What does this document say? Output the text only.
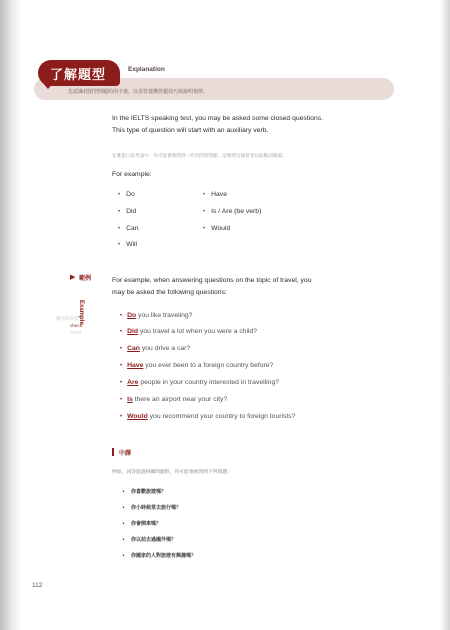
先認識封閉型問題的用字後，以表答建構答題技巧與說明規律。
了解題型	Explanation
In the IELTS speaking test, you may be asked some closed questions.
This type of question will start with an auxiliary verb.
在雅思口說考試中，你可能會被問到一些封閉型問題，這類問句通常會以助動詞開頭。
For example:
• Do
• Did
• Can
• Will
• Have
• Is / Are (be verb)
• Would
▶ 範例
Example
練習與核對
check:
□□□
For example, when answering questions on the topic of travel, you
may be asked the following questions:
• Do you like traveling?
• Did you travel a lot when you were a child?
• Can you drive a car?
• Have you ever been to a foreign country before?
• Are people in your country interested in travelling?
• Is there an airport near your city?
• Would you recommend your country to foreign tourists?
中譯
例如，回答旅遊相關問題時，你可能會被問到下列問題：
• 你喜歡旅遊嗎？
• 你小時候常去旅行嗎？
• 你會開車嗎？
• 你以前去過國外嗎？
• 你國家的人對旅遊有興趣嗎？
112
